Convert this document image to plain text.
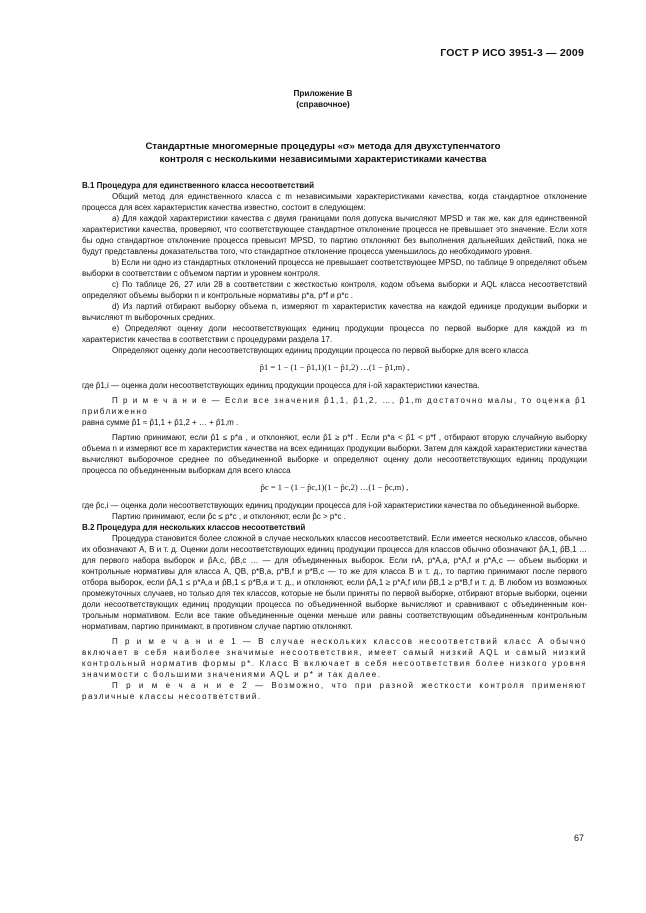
ГОСТ Р ИСО 3951-3 — 2009
Приложение В
(справочное)
Стандартные многомерные процедуры «σ» метода для двухступенчатого
контроля с несколькими независимыми характеристиками качества

В.1 Процедура для единственного класса несоответствий

Общий метод для единственного класса с m независимыми характеристиками качества, когда стандартное отклонение процесса для всех характеристик качества известно, состоит в следующем:

a) Для каждой характеристики качества с двумя границами поля допуска вычисляют MPSD и так же, как для единственной характеристики качества, проверяют, что соответствующее стандартное отклонение процесса не превышает это значение. Если хотя бы одно стандартное отклонение процесса превысит MPSD, то партию отклоняют без выполнения дальнейших действий, пока не будут представлены доказательства того, что стандартное отклонение процесса уменьшилось до необходимого уровня.

b) Если ни одно из стандартных отклонений процесса не превышает соответствующее MPSD, по таблице 9 определяют объем выборки в соответствии с объемом партии и уровнем контроля.

c) По таблице 26, 27 или 28 в соответствии с жесткостью контроля, кодом объема выборки и AQL класса несоответствий определяют объемы выборки n и контрольные нормативы p*a, p*f и p*c .

d) Из партий отбирают выборку объема n, измеряют m характеристик качества на каждой единице продукции выборки и вычисляют m выборочных средних.

e) Определяют оценку доли несоответствующих единиц продукции процесса по первой выборке для каждой из m характеристик качества в соответствии с процедурами раздела 17.

Определяют оценку доли несоответствующих единиц продукции процесса по первой выборке для всего класса

p̂1 = 1 − (1 − p̂1,1)(1 − p̂1,2) …(1 − p̂1,m) ,

где p̂1,i — оценка доли несоответствующих единиц продукции процесса для i-ой характеристики качества.

П р и м е ч а н и е — Если все значения p̂1,1, p̂1,2, …, p̂1,m достаточно малы, то оценка p̂1 приближенно

равна сумме p̂1 ≈ p̂1,1 + p̂1,2 + … + p̂1,m .

Партию принимают, если p̂1 ≤ p*a , и отклоняют, если p̂1 ≥ p*f . Если p*a < p̂1 < p*f , отбирают вторую случайную выборку объема n и измеряют все m характеристик качества на всех единицах продукции выборки. Затем для каждой характеристики качества вычисляют выборочное среднее по объединенной выборке и определяют оценку доли несоответствующих единиц продукции процесса по объединенным выборкам для всего класса

p̂c = 1 − (1 − p̂c,1)(1 − p̂c,2) …(1 − p̂c,m) ,

где p̂c,i — оценка доли несоответствующих единиц продукции процесса для i-ой характеристики качества по объединенной выборке.

Партию принимают, если p̂c ≤ p*c , и отклоняют, если p̂c > p*c .

В.2 Процедура для нескольких классов несоответствий

Процедура становится более сложной в случае нескольких классов несоответствий. Если имеется несколько классов, обычно их обозначают A, B и т. д. Оценки доли несоответствующих единиц продукции процесса для классов обычно обозначают p̂A,1, p̂B,1 … для первого набора выборок и p̂A,c, p̂B,c … — для объединенных выборок. Если nA, p*A,a, p*A,f и p*A,c — объем выборки и контрольные нормативы для класса A, QB, p*B,a, p*B,f и p*B,c — то же для класса B и т. д., то партию принимают после первого отбора выборок, если p̂A,1 ≤ p*A,a и p̂B,1 ≤ p*B,a и т. д., и отклоняют, если p̂A,1 ≥ p*A,f или p̂B,1 ≥ p*B,f и т. д. В любом из возможных промежуточных случаев, но только для тех классов, которые не были приняты по первой выборке, отбирают вторые выборки, оценки доли несоответствующих единиц продукции процесса по объединенной выборке вычисляют и сравнивают с объединенным контрольным нормативом. Если все такие объединенные оценки меньше или равны соответствующим объединенным контрольным нормативам, партию принимают, в противном случае партию отклоняют.

П р и м е ч а н и е 1 — В случае нескольких классов несоответствий класс A обычно включает в себя наиболее значимые несоответствия, имеет самый низкий AQL и самый низкий контрольный норматив формы p*. Класс B включает в себя несоответствия более низкого уровня значимости с большими значениями AQL и p* и так далее.

П р и м е ч а н и е 2 — Возможно, что при разной жесткости контроля применяют различные классы несоответствий.

67
